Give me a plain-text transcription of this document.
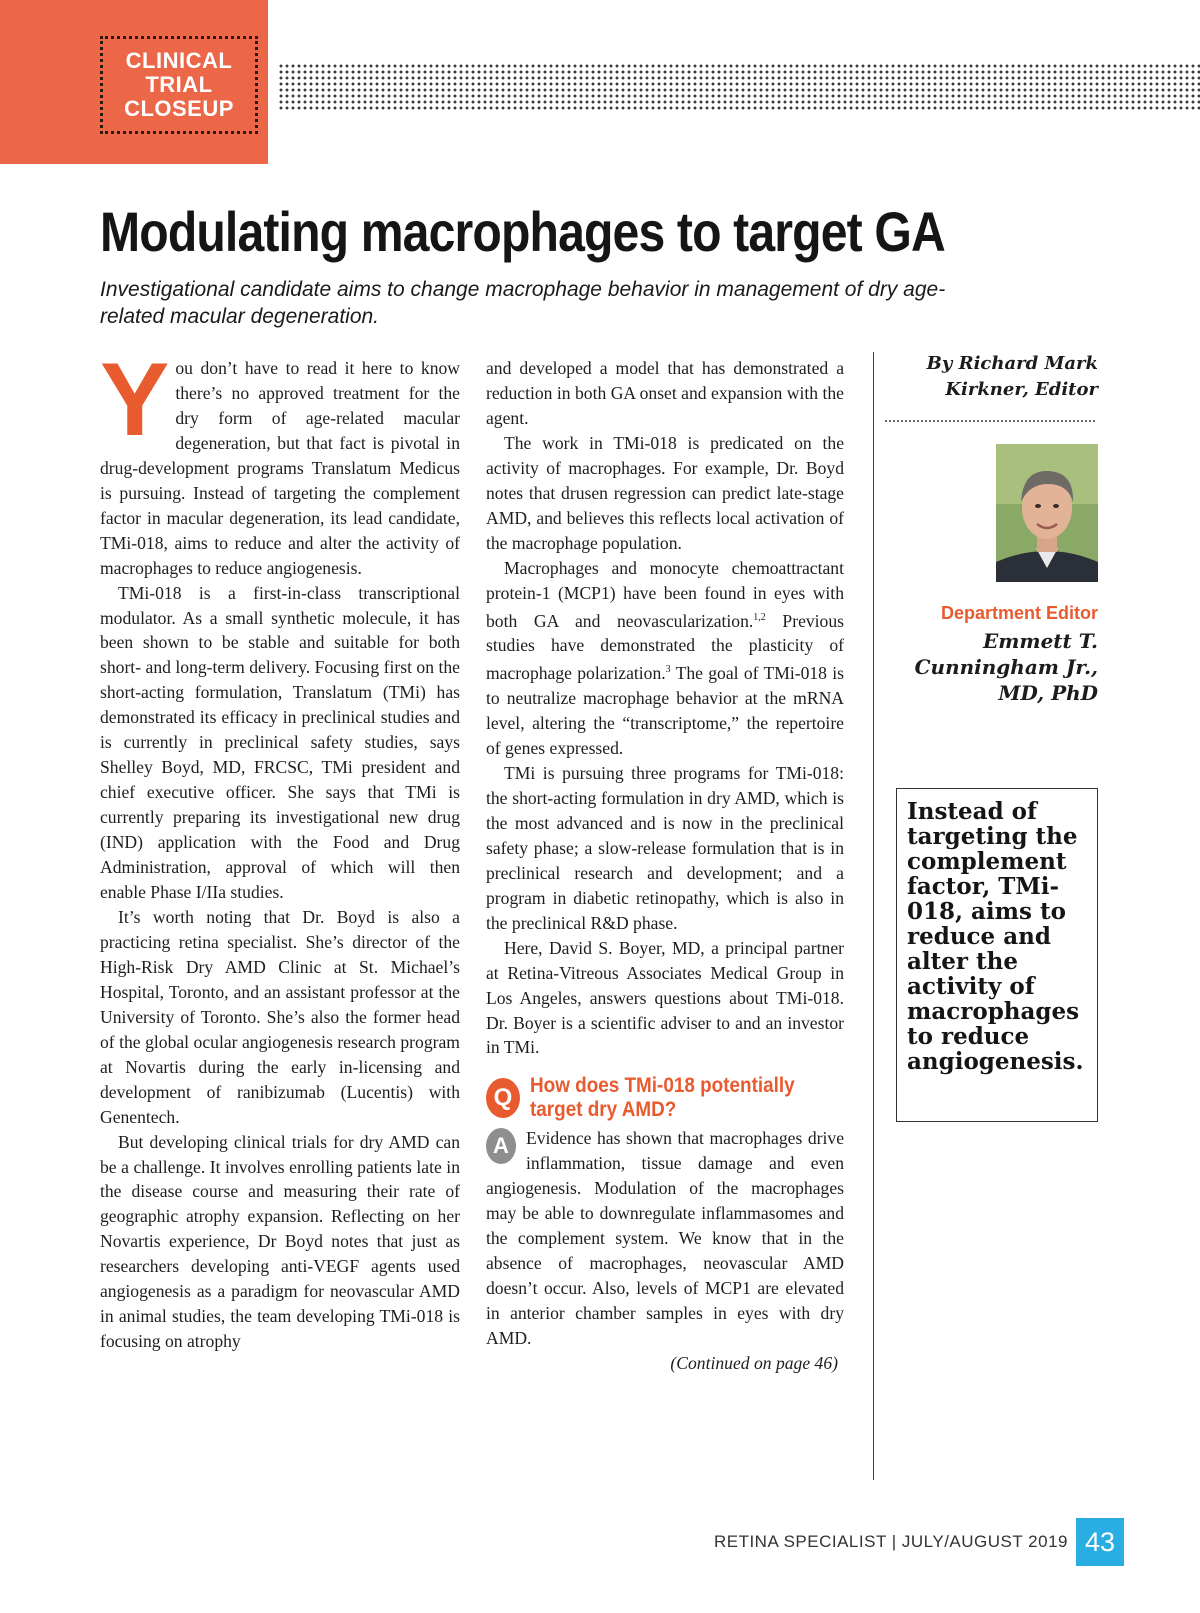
CLINICAL
TRIAL
CLOSEUP
Modulating macrophages to target GA

Investigational candidate aims to change macrophage behavior in management of dry age-related macular degeneration.

You don’t have to read it here to know there’s no approved treatment for the dry form of age-related macular degeneration, but that fact is pivotal in drug-development programs Translatum Medicus is pursuing. Instead of targeting the complement factor in macular degeneration, its lead candidate, TMi-018, aims to reduce and alter the activity of macrophages to reduce angiogenesis.

TMi-018 is a first-in-class transcriptional modulator. As a small synthetic molecule, it has been shown to be stable and suitable for both short- and long-term delivery. Focusing first on the short-acting formulation, Translatum (TMi) has demonstrated its efficacy in preclinical studies and is currently in preclinical safety studies, says Shelley Boyd, MD, FRCSC, TMi president and chief executive officer. She says that TMi is currently preparing its investigational new drug (IND) application with the Food and Drug Administration, approval of which will then enable Phase I/IIa studies.

It’s worth noting that Dr. Boyd is also a practicing retina specialist. She’s director of the High-Risk Dry AMD Clinic at St. Michael’s Hospital, Toronto, and an assistant professor at the University of Toronto. She’s also the former head of the global ocular angiogenesis research program at Novartis during the early in-licensing and development of ranibizumab (Lucentis) with Genentech.

But developing clinical trials for dry AMD can be a challenge. It involves enrolling patients late in the disease course and measuring their rate of geographic atrophy expansion. Reflecting on her Novartis experience, Dr Boyd notes that just as researchers developing anti-VEGF agents used angiogenesis as a paradigm for neovascular AMD in animal studies, the team developing TMi-018 is focusing on atrophy

and developed a model that has demonstrated a reduction in both GA onset and expansion with the agent.

The work in TMi-018 is predicated on the activity of macrophages. For example, Dr. Boyd notes that drusen regression can predict late-stage AMD, and believes this reflects local activation of the macrophage population.

Macrophages and monocyte chemoattractant protein-1 (MCP1) have been found in eyes with both GA and neovascularization.$^{1,2}$ Previous studies have demonstrated the plasticity of macrophage polarization.$^3$ The goal of TMi-018 is to neutralize macrophage behavior at the mRNA level, altering the “transcriptome,” the repertoire of genes expressed.

TMi is pursuing three programs for TMi-018: the short-acting formulation in dry AMD, which is the most advanced and is now in the preclinical safety phase; a slow-release formulation that is in preclinical research and development; and a program in diabetic retinopathy, which is also in the preclinical R&D phase.

Here, David S. Boyer, MD, a principal partner at Retina-Vitreous Associates Medical Group in Los Angeles, answers questions about TMi-018. Dr. Boyer is a scientific adviser to and an investor in TMi.

Q How does TMi-018 potentially target dry AMD?

A Evidence has shown that macrophages drive inflammation, tissue damage and even angiogenesis. Modulation of the macrophages may be able to downregulate inflammasomes and the complement system. We know that in the absence of macrophages, neovascular AMD doesn’t occur. Also, levels of MCP1 are elevated in anterior chamber samples in eyes with dry AMD.

(Continued on page 46)

By Richard Mark
Kirkner, Editor

Department Editor

Emmett T.
Cunningham Jr.,
MD, PhD

Instead of targeting the complement factor, TMi-018, aims to reduce and alter the activity of macrophages to reduce angiogenesis.
RETINA SPECIALIST | JULY/AUGUST 2019 43
